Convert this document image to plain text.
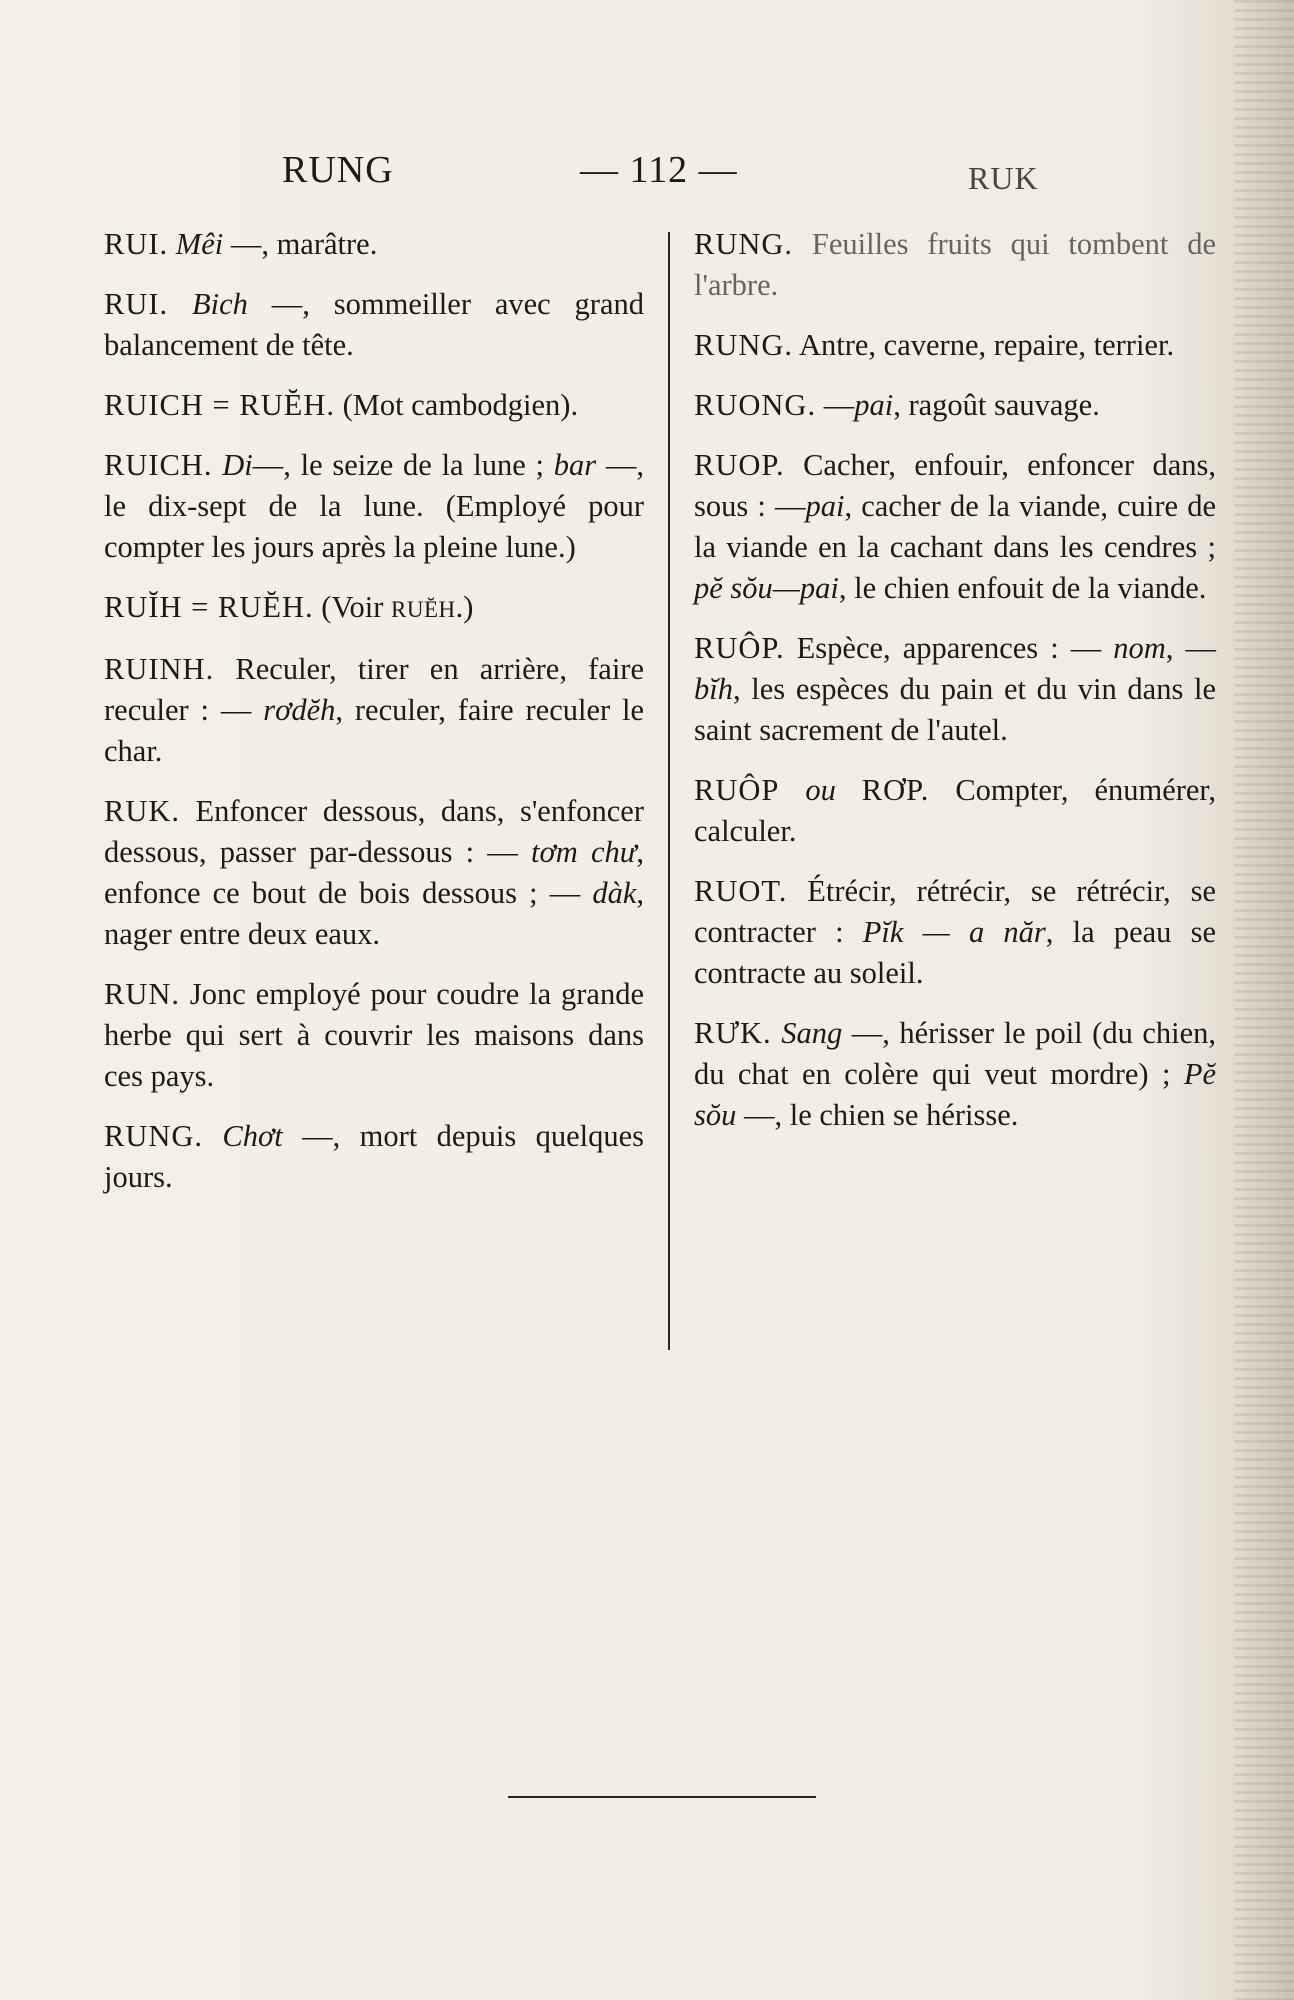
RUNG	— 112 —	RUK

RUI. Mêi —, marâtre.

RUI. Bich —, sommeiller avec grand balancement de tête.

RUICH = RUĔH. (Mot cambodgien).

RUICH. Di—, le seize de la lune ; bar —, le dix-sept de la lune. (Employé pour compter les jours après la pleine lune.)

RUĬH = RUĔH. (Voir RUĔH.)

RUINH. Reculer, tirer en arrière, faire reculer : — rơdĕh, reculer, faire reculer le char.

RUK. Enfoncer dessous, dans, s'enfoncer dessous, passer par-dessous : — tơm chư, enfonce ce bout de bois dessous ; — dàk, nager entre deux eaux.

RUN. Jonc employé pour coudre la grande herbe qui sert à couvrir les maisons dans ces pays.

RUNG. Chơt —, mort depuis quelques jours.

RUNG. Feuilles fruits qui tombent de l'arbre.

RUNG. Antre, caverne, repaire, terrier.

RUONG. —pai, ragoût sauvage.

RUOP. Cacher, enfouir, enfoncer dans, sous : —pai, cacher de la viande, cuire de la viande en la cachant dans les cendres ; pĕ sŏu—pai, le chien enfouit de la viande.

RUÔP. Espèce, apparences : — nom, — bĭh, les espèces du pain et du vin dans le saint sacrement de l'autel.

RUÔP ou RƠP. Compter, énumérer, calculer.

RUOT. Étrécir, rétrécir, se rétrécir, se contracter : Pĭk — a năr, la peau se contracte au soleil.

RƯK. Sang —, hérisser le poil (du chien, du chat en colère qui veut mordre) ; Pĕ sŏu —, le chien se hérisse.
